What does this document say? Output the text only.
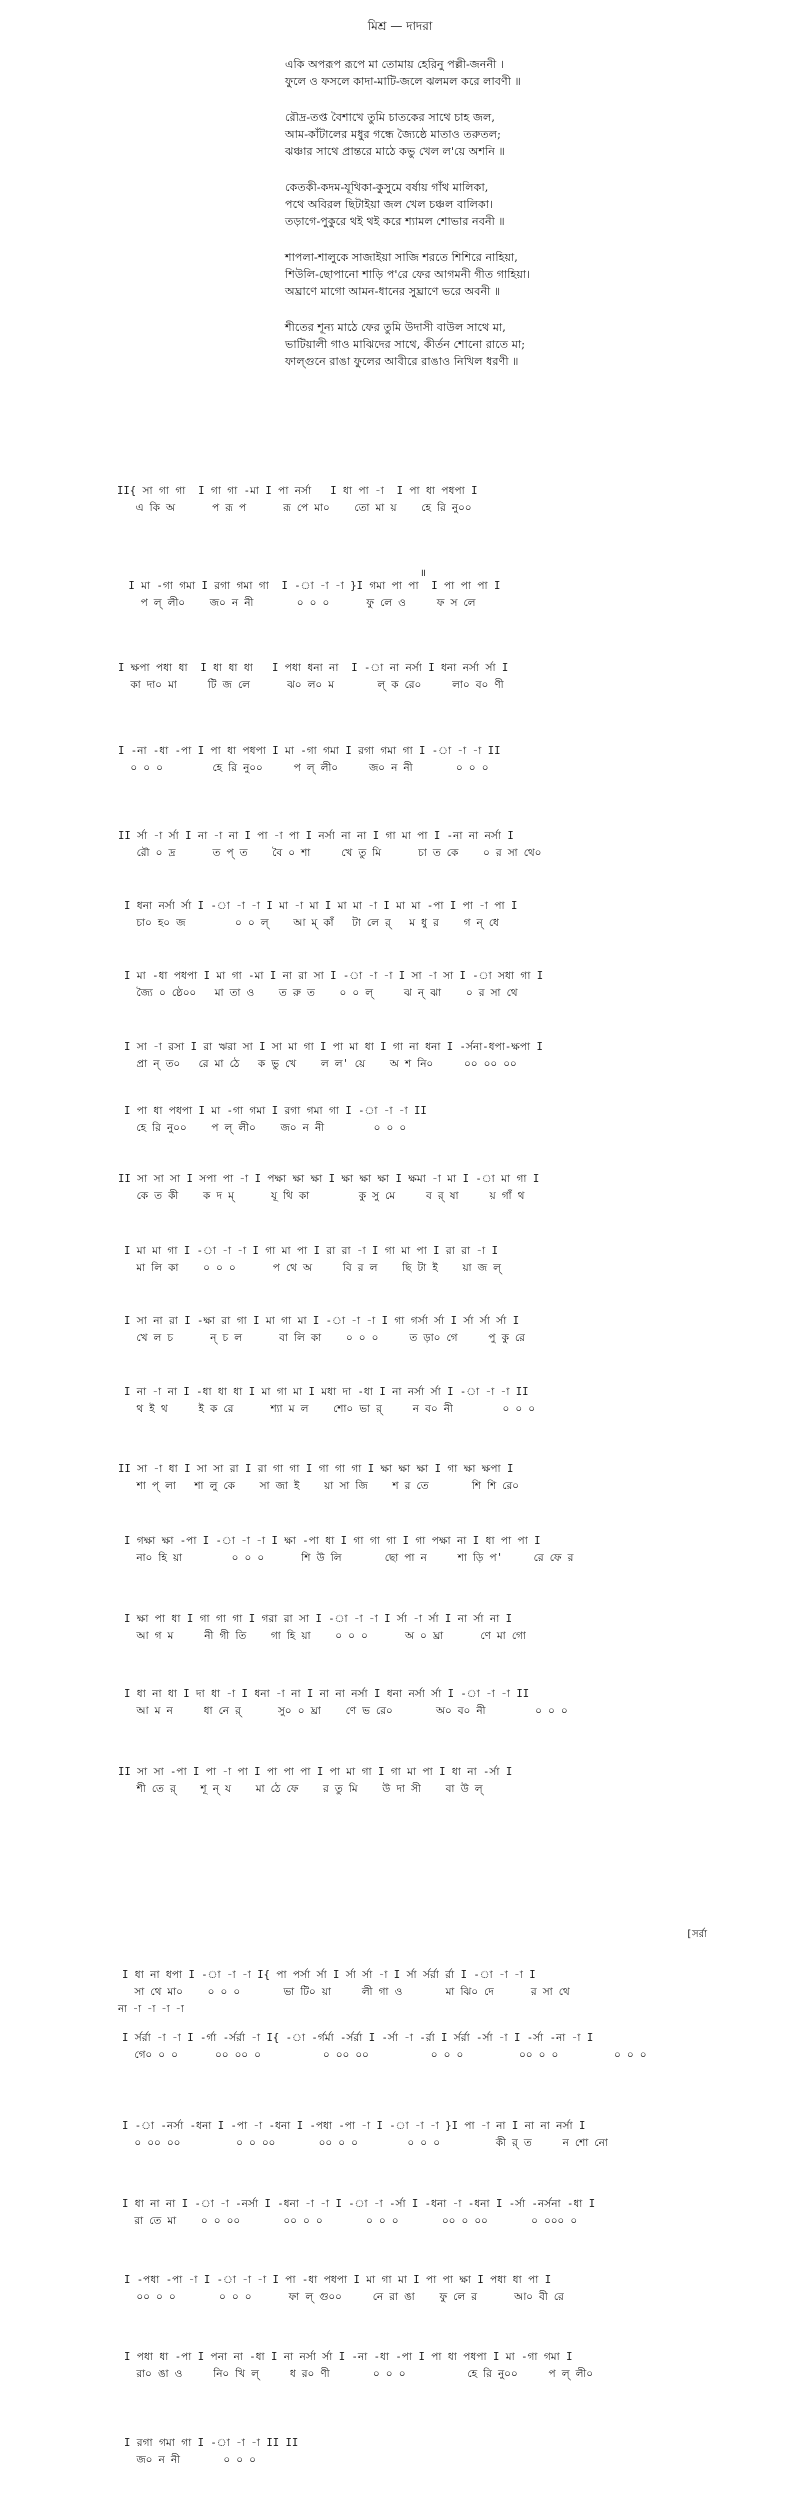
মিশ্র — দাদরা
একি অপরূপ রূপে মা তোমায় হেরিনু পল্লী-জননী ।
ফুলে ও ফসলে কাদা-মাটি-জলে ঝলমল করে লাবণী ॥
রৌদ্র-তপ্ত বৈশাখে তুমি চাতকের সাথে চাহ জল,
আম-কাঁটালের মধুর গন্ধে জ্যৈষ্ঠে মাতাও তরুতল;
ঝঞ্চার সাথে প্রান্তরে মাঠে কভু খেল ল'য়ে অশনি ॥
কেতকী-কদম-যূথিকা-কুসুমে বর্ষায় গাঁথ মালিকা,
পথে অবিরল ছিটাইয়া জল খেল চঞ্চল বালিকা।
তড়াগে-পুকুরে থই থই করে শ্যামল শোভার নবনী ॥
শাপলা-শালুকে সাজাইয়া সাজি শরতে শিশিরে নাহিয়া,
শিউলি-ছোপানো শাড়ি প'রে ফের আগমনী গীত গাহিয়া।
অঘ্রাণে মাগো আমন-ধানের সুঘ্রাণে ভরে অবনী ॥
শীতের শূন্য মাঠে ফের তুমি উদাসী বাউল সাথে মা,
ভাটিয়ালী গাও মাঝিদের সাথে, কীর্তন শোনো রাতে মা;
ফাল্গুনে রাঙা ফুলের আবীরে রাঙাও নিখিল ধরণী ॥
II{ সা গা গা  I গা গা -মা I পা নর্সা   I ধা পা -া  I পা ধা পধপা I
এ কি অ      প রূ প      রূ পে মা০    তো মা য়    হে রি নু০০
I মা -গা গমা I রগা গমা গা  I -া -া -া }I গমা পা পা  I পা পা পা I
প ল্ লী০    জ০ ন নী       ০ ০ ০      ফু লে ও     ফ স লে
I ক্ষপা পধা ধা  I ধা ধা ধা   I পধা ধনা না  I -া না নর্সা I ধনা নর্সা র্সা I
কা দা০ মা     টি জ লে      ঝ০ ল০ ম       ল্ ক রে০     লা০ ব০ ণী
I -না -ধা -পা I পা ধা পধপা I মা -গা গমা I রগা গমা গা I -া -া -া II
০ ০ ০        হে রি নু০০     প ল্ লী০     জ০ ন নী       ০ ০ ০
II র্সা -া র্সা I না -া না I পা -া পা I নর্সা না না I গা মা পা I -না না নর্সা I
রৌ ০ দ্র      ত প্ ত    বৈ ০ শা     খে তু মি      চা ত কে    ০ র সা থে০
I ধনা নর্সা র্সা I -া -া -া I মা -া মা I মা মা -া I মা মা -পা I পা -া পা I
চা০ হ০ জ        ০ ০ ল্    আ ম্ কাঁ   টা লে র্   ম ধু র    গ ন্ ধে
I মা -ধা পধপা I মা গা -মা I না রা সা I -া -া -া I সা -া সা I -া সধা গা I
জ্যৈ ০ ষ্ঠে০০   মা তা ও    ত রু ত    ০ ০ ল্     ঝ ন্ ঝা    ০ র সা থে
I সা -া রসা I রা ঋরা সা I সা মা গা I পা মা ধা I গা না ধনা I -র্সনা-ধপা-ক্ষপা I
প্রা ন্ ত০   রে মা ঠে   ক ভু খে    ল ল' য়ে    অ শ নি০     ০০ ০০ ০০
I পা ধা পধপা I মা -গা গমা I রগা গমা গা I -া -া -া II
হে রি নু০০    প ল্ লী০    জ০ ন নী        ০ ০ ০
II সা সা সা I সপা পা -া I পক্ষা ক্ষা ক্ষা I ক্ষা ক্ষা ক্ষা I ক্ষমা -া মা I -া মা গা I
কে ত কী    ক দ ম্      যূ থি কা        কু সু মে     ব র্ ষা     য় গাঁ থ
I মা মা গা I -া -া -া I গা মা পা I রা রা -া I গা মা পা I রা রা -া I
মা লি কা    ০ ০ ০      প থে অ     বি র ল    ছি টা ই    য়া জ ল্
I সা না রা I -ক্ষা রা গা I মা গা মা I -া -া -া I গা গর্সা র্সা I র্সা র্সা র্সা I
খে ল চ      ন্ চ ল      বা লি কা    ০ ০ ০     ত ড়া০ গে     পু কু রে
I না -া না I -ধা ধা ধা I মা গা মা I মধা দা -ধা I না নর্সা র্সা I -া -া -া II
থ ই থ     ই ক রে      শ্যা ম ল    শো০ ভা র্     ন ব০ নী        ০ ০ ০
II সা -া ধা I সা সা রা I রা গা গা I গা গা গা I ক্ষা ক্ষা ক্ষা I গা ক্ষা ক্ষপা I
শা প্ লা   শা লু কে    সা জা ই    য়া সা জি    শ র তে       শি শি রে০
I গক্ষা ক্ষা -পা I -া -া -া I ক্ষা -পা ধা I গা গা গা I গা পক্ষা না I ধা পা পা I
না০ হি য়া        ০ ০ ০      শি উ লি       ছো পা ন     শা ড়ি প'     রে ফে র
I ক্ষা পা ধা I গা গা গা I গরা রা সা I -া -া -া I র্সা -া র্সা I না র্সা না I
আ গ ম     নী গী তি    গা হি য়া    ০ ০ ০      অ ০ ঘ্রা      ণে মা গো
I ধা না ধা I দা ধা -া I ধনা -া না I না না নর্সা I ধনা নর্সা র্সা I -া -া -া II
আ ম ন     ধা নে র্      সু০ ০ ঘ্রা    ণে ভ রে০       অ০ ব০ নী        ০ ০ ০
II সা সা -পা I পা -া পা I পা পা পা I পা মা গা I গা মা পা I ধা না -র্সা I
শী তে র্    শূ ন্ য    মা ঠে ফে    র তু মি    উ দা সী    বা উ ল্
I ধা না ধপা I -া -া -া I{ পা পর্সা র্সা I র্সা র্সা -া I র্সা র্সর্রা র্রা I -া -া -া I
সা থে মা০    ০ ০ ০       ভা টি০ য়া     লী গা ও       মা ঝি০ দে      র সা থে
I র্সর্রা -া -া I -র্গা -র্সর্রা -া I{ -া -র্গর্মা -র্সর্রা I -র্সা -া -র্রা I র্সর্রা -র্সা -া I -র্সা -না -া I
গে০ ০ ০      ০০ ০০ ০          ০ ০০ ০০          ০ ০ ০         ০০ ০ ০         ০ ০ ০
I -া -নর্সা -ধনা I -পা -া -ধনা I -পধা -পা -া I -া -া -া }I পা -া না I না না নর্সা I
০ ০০ ০০         ০ ০ ০০       ০০ ০ ০        ০ ০ ০         কী র্ ত     ন শো নো
I ধা না না I -া -া -নর্সা I -ধনা -া -া I -া -া -র্সা I -ধনা -া -ধনা I -র্সা -নর্সনা -ধা I
রা তে মা    ০ ০ ০০       ০০ ০ ০       ০ ০ ০       ০০ ০ ০০       ০ ০০০ ০
I -পধা -পা -া I -া -া -া I পা -ধা পধপা I মা গা মা I পা পা ক্ষা I পধা ধা পা I
০০ ০ ০       ০ ০ ০      ফা ল্ গু০০     নে রা ঙা    ফু লে র      আ০ বী রে
I পধা ধা -পা I পনা না -ধা I না নর্সা র্সা I -না -ধা -পা I পা ধা পধপা I মা -গা গমা I
রা০ ঙা ও     নি০ খি ল্     ধ র০ ণী       ০ ০ ০          হে রি নু০০     প ল্ লী০
I রগা গমা গা I -া -া -া II II
জ০ ন নী       ০ ০ ০
॥
[সর্রা
না -া -া -া -া
